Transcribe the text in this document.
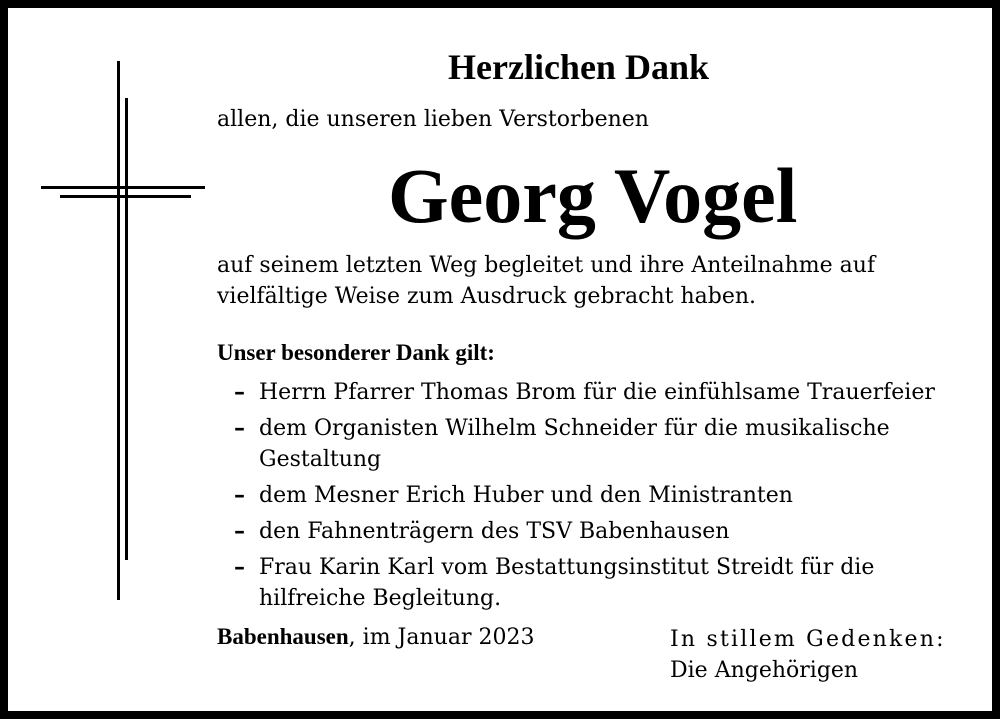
Herzlichen Dank
allen, die unseren lieben Verstorbenen
Georg Vogel
auf seinem letzten Weg begleitet und ihre Anteilnahme auf vielfältige Weise zum Ausdruck gebracht haben.
Unser besonderer Dank gilt:
– Herrn Pfarrer Thomas Brom für die einfühlsame Trauerfeier
– dem Organisten Wilhelm Schneider für die musikalische Gestaltung
– dem Mesner Erich Huber und den Ministranten
– den Fahnenträgern des TSV Babenhausen
– Frau Karin Karl vom Bestattungsinstitut Streidt für die hilfreiche Begleitung.
Babenhausen, im Januar 2023	In stillem Gedenken:
Die Angehörigen
